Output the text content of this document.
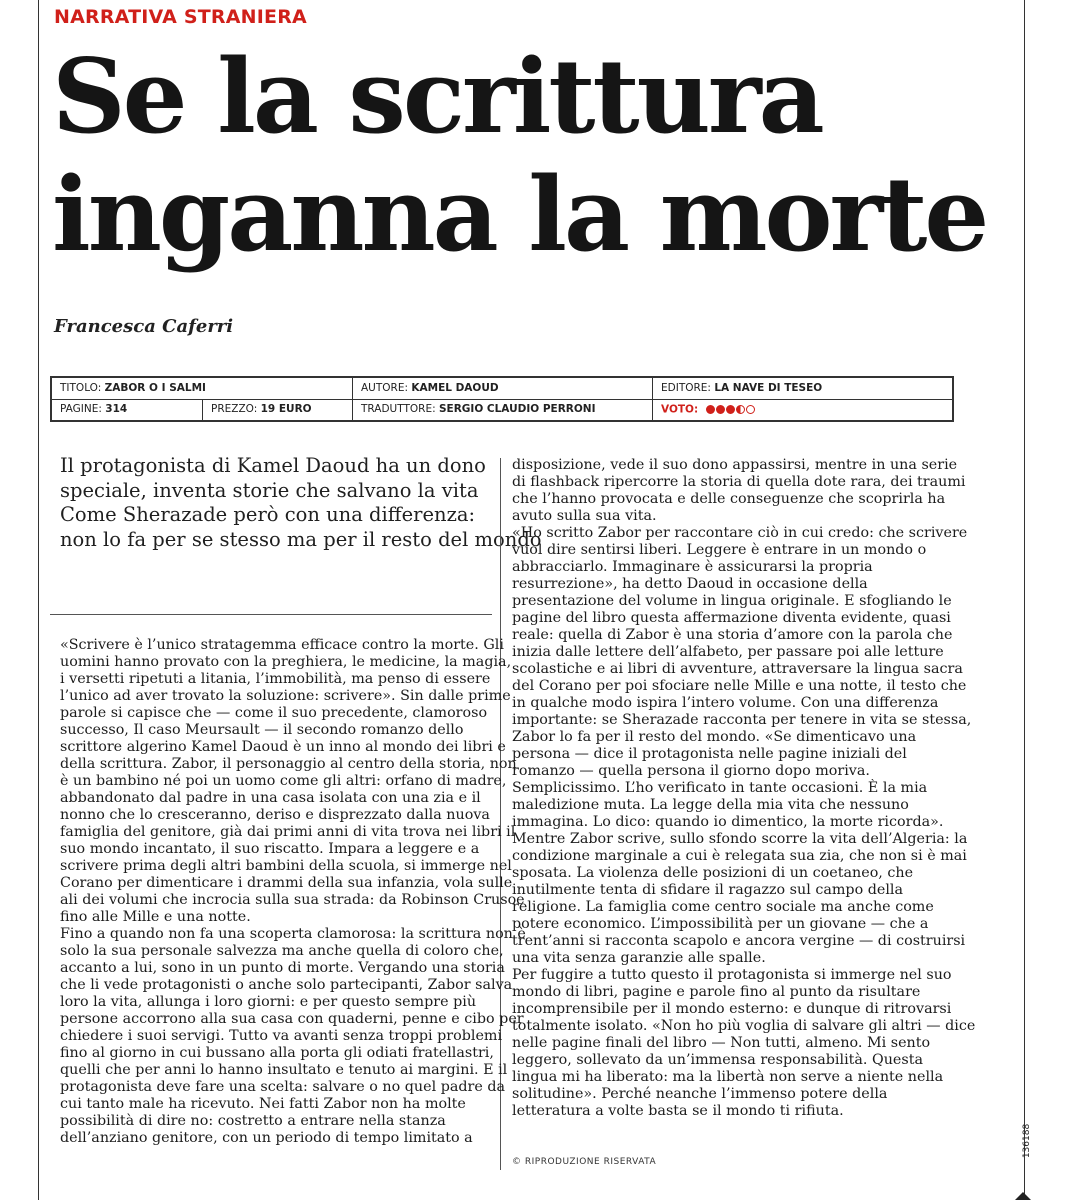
NARRATIVA STRANIERA
Se la scrittura
inganna la morte
Francesca Caferri
TITOLO: ZABOR O I SALMI	AUTORE: KAMEL DAOUD	EDITORE: LA NAVE DI TESEO
PAGINE: 314	PREZZO: 19 EURO	TRADUTTORE: SERGIO CLAUDIO PERRONI	VOTO:
Il protagonista di Kamel Daoud ha un dono
speciale, inventa storie che salvano la vita
Come Sherazade però con una differenza:
non lo fa per se stesso ma per il resto del mondo
«Scrivere è l’unico stratagemma efficace contro la morte. Gli
uomini hanno provato con la preghiera, le medicine, la magia,
i versetti ripetuti a litania, l’immobilità, ma penso di essere
l’unico ad aver trovato la soluzione: scrivere». Sin dalle prime
parole si capisce che — come il suo precedente, clamoroso
successo, Il caso Meursault — il secondo romanzo dello
scrittore algerino Kamel Daoud è un inno al mondo dei libri e
della scrittura. Zabor, il personaggio al centro della storia, non
è un bambino né poi un uomo come gli altri: orfano di madre,
abbandonato dal padre in una casa isolata con una zia e il
nonno che lo cresceranno, deriso e disprezzato dalla nuova
famiglia del genitore, già dai primi anni di vita trova nei libri il
suo mondo incantato, il suo riscatto. Impara a leggere e a
scrivere prima degli altri bambini della scuola, si immerge nel
Corano per dimenticare i drammi della sua infanzia, vola sulle
ali dei volumi che incrocia sulla sua strada: da Robinson Crusoe
fino alle Mille e una notte.
Fino a quando non fa una scoperta clamorosa: la scrittura non è
solo la sua personale salvezza ma anche quella di coloro che,
accanto a lui, sono in un punto di morte. Vergando una storia
che li vede protagonisti o anche solo partecipanti, Zabor salva
loro la vita, allunga i loro giorni: e per questo sempre più
persone accorrono alla sua casa con quaderni, penne e cibo per
chiedere i suoi servigi. Tutto va avanti senza troppi problemi
fino al giorno in cui bussano alla porta gli odiati fratellastri,
quelli che per anni lo hanno insultato e tenuto ai margini. E il
protagonista deve fare una scelta: salvare o no quel padre da
cui tanto male ha ricevuto. Nei fatti Zabor non ha molte
possibilità di dire no: costretto a entrare nella stanza
dell’anziano genitore, con un periodo di tempo limitato a
disposizione, vede il suo dono appassirsi, mentre in una serie
di flashback ripercorre la storia di quella dote rara, dei traumi
che l’hanno provocata e delle conseguenze che scoprirla ha
avuto sulla sua vita.
«Ho scritto Zabor per raccontare ciò in cui credo: che scrivere
vuol dire sentirsi liberi. Leggere è entrare in un mondo o
abbracciarlo. Immaginare è assicurarsi la propria
resurrezione», ha detto Daoud in occasione della
presentazione del volume in lingua originale. E sfogliando le
pagine del libro questa affermazione diventa evidente, quasi
reale: quella di Zabor è una storia d’amore con la parola che
inizia dalle lettere dell’alfabeto, per passare poi alle letture
scolastiche e ai libri di avventure, attraversare la lingua sacra
del Corano per poi sfociare nelle Mille e una notte, il testo che
in qualche modo ispira l’intero volume. Con una differenza
importante: se Sherazade racconta per tenere in vita se stessa,
Zabor lo fa per il resto del mondo. «Se dimenticavo una
persona — dice il protagonista nelle pagine iniziali del
romanzo — quella persona il giorno dopo moriva.
Semplicissimo. L’ho verificato in tante occasioni. È la mia
maledizione muta. La legge della mia vita che nessuno
immagina. Lo dico: quando io dimentico, la morte ricorda».
Mentre Zabor scrive, sullo sfondo scorre la vita dell’Algeria: la
condizione marginale a cui è relegata sua zia, che non si è mai
sposata. La violenza delle posizioni di un coetaneo, che
inutilmente tenta di sfidare il ragazzo sul campo della
religione. La famiglia come centro sociale ma anche come
potere economico. L’impossibilità per un giovane — che a
trent’anni si racconta scapolo e ancora vergine — di costruirsi
una vita senza garanzie alle spalle.
Per fuggire a tutto questo il protagonista si immerge nel suo
mondo di libri, pagine e parole fino al punto da risultare
incomprensibile per il mondo esterno: e dunque di ritrovarsi
totalmente isolato. «Non ho più voglia di salvare gli altri — dice
nelle pagine finali del libro — Non tutti, almeno. Mi sento
leggero, sollevato da un’immensa responsabilità. Questa
lingua mi ha liberato: ma la libertà non serve a niente nella
solitudine». Perché neanche l’immenso potere della
letteratura a volte basta se il mondo ti rifiuta.
© RIPRODUZIONE RISERVATA
136188
